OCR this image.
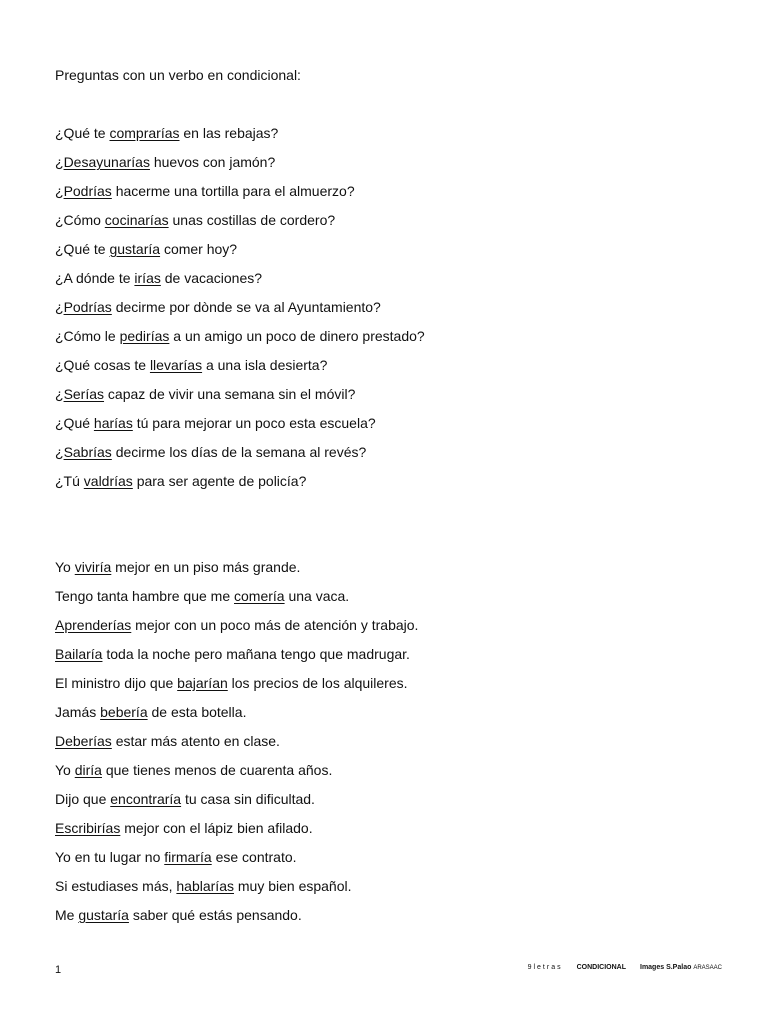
Preguntas con un verbo en condicional:

¿Qué te comprarías en las rebajas?
¿Desayunarías huevos con jamón?
¿Podrías hacerme una tortilla para el almuerzo?
¿Cómo cocinarías unas costillas de cordero?
¿Qué te gustaría comer hoy?
¿A dónde te irías de vacaciones?
¿Podrías decirme por dònde se va al Ayuntamiento?
¿Cómo le pedirías a un amigo un poco de dinero prestado?
¿Qué cosas te llevarías a una isla desierta?
¿Serías capaz de vivir una semana sin el móvil?
¿Qué harías tú para mejorar un poco esta escuela?
¿Sabrías decirme los días de la semana al revés?
¿Tú valdrías para ser agente de policía?
Yo viviría mejor en un piso más grande.
Tengo tanta hambre que me comería una vaca.
Aprenderías mejor con un poco más de atención y trabajo.
Bailaría toda la noche pero mañana tengo que madrugar.
El ministro dijo que bajarían los precios de los alquileres.
Jamás bebería de esta botella.
Deberías estar más atento en clase.
Yo diría que tienes menos de cuarenta años.
Dijo que encontraría tu casa sin dificultad.
Escribirías mejor con el lápiz bien afilado.
Yo en tu lugar no firmaría ese contrato.
Si estudiases más, hablarías muy bien español.
Me gustaría saber qué estás pensando.
1	9letras CONDICIONAL Images S.Palao ARASAAC
